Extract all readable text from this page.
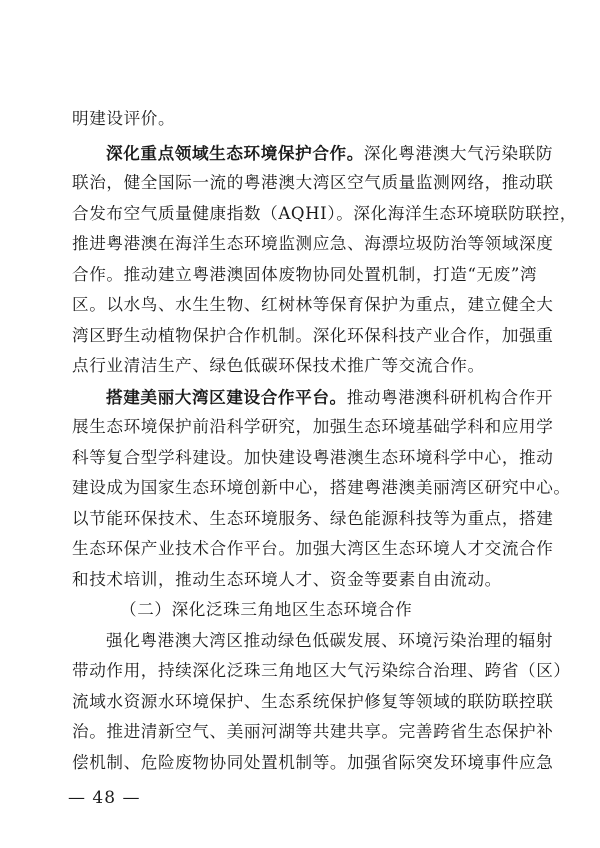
明建设评价。
深化重点领域生态环境保护合作。深化粤港澳大气污染联防
联治，健全国际一流的粤港澳大湾区空气质量监测网络，推动联
合发布空气质量健康指数（AQHI）。深化海洋生态环境联防联控，
推进粤港澳在海洋生态环境监测应急、海漂垃圾防治等领域深度
合作。推动建立粤港澳固体废物协同处置机制，打造“无废”湾
区。以水鸟、水生生物、红树林等保育保护为重点，建立健全大
湾区野生动植物保护合作机制。深化环保科技产业合作，加强重
点行业清洁生产、绿色低碳环保技术推广等交流合作。
搭建美丽大湾区建设合作平台。推动粤港澳科研机构合作开
展生态环境保护前沿科学研究，加强生态环境基础学科和应用学
科等复合型学科建设。加快建设粤港澳生态环境科学中心，推动
建设成为国家生态环境创新中心，搭建粤港澳美丽湾区研究中心。
以节能环保技术、生态环境服务、绿色能源科技等为重点，搭建
生态环保产业技术合作平台。加强大湾区生态环境人才交流合作
和技术培训，推动生态环境人才、资金等要素自由流动。
（二）深化泛珠三角地区生态环境合作
强化粤港澳大湾区推动绿色低碳发展、环境污染治理的辐射
带动作用，持续深化泛珠三角地区大气污染综合治理、跨省（区）
流域水资源水环境保护、生态系统保护修复等领域的联防联控联
治。推进清新空气、美丽河湖等共建共享。完善跨省生态保护补
偿机制、危险废物协同处置机制等。加强省际突发环境事件应急
— 48 —
